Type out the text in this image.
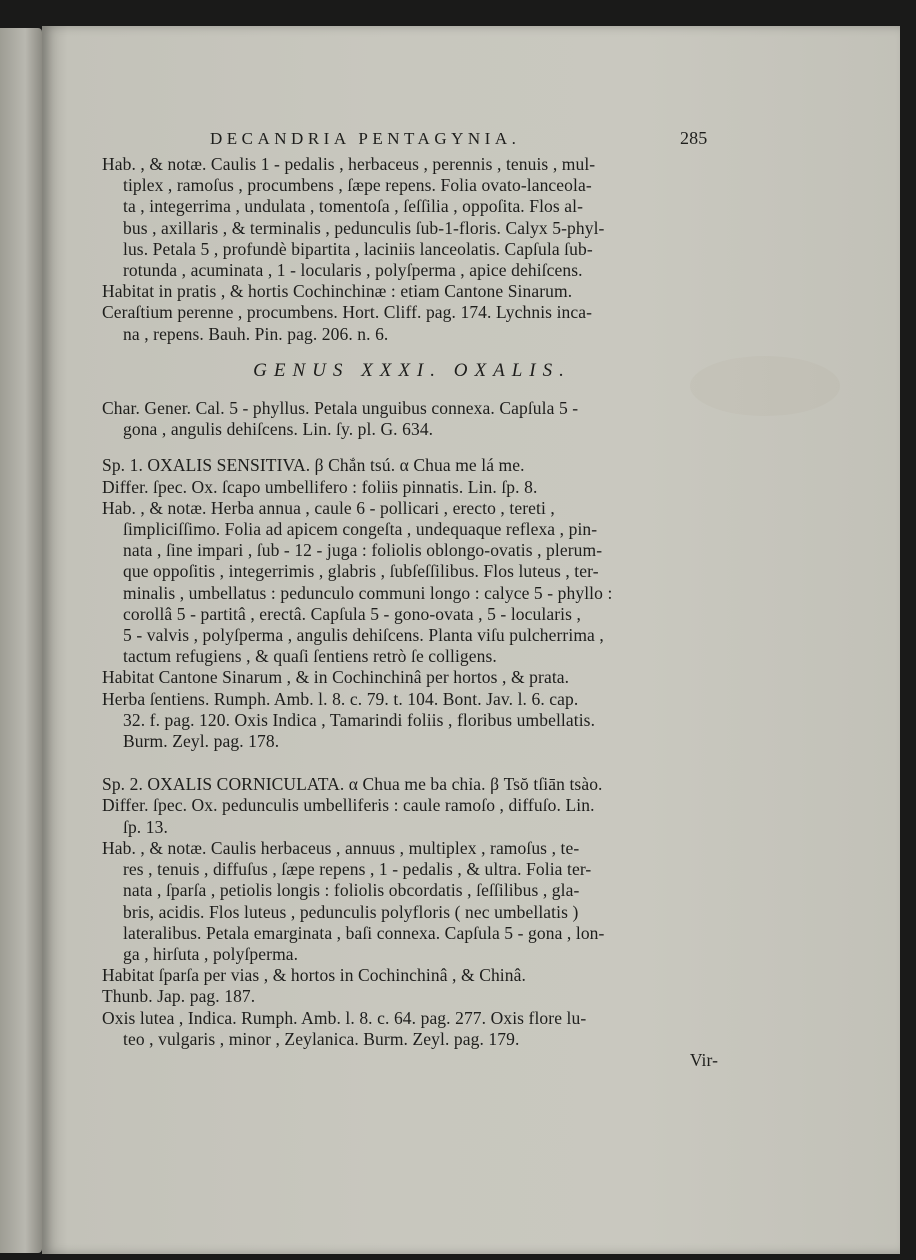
DECANDRIA PENTAGYNIA.	285
Hab. , & notæ. Caulis 1 - pedalis , herbaceus , perennis , tenuis , mul-
tiplex , ramoſus , procumbens , ſæpe repens. Folia ovato-lanceola-
ta , integerrima , undulata , tomentoſa , ſeſſilia , oppoſita. Flos al-
bus , axillaris , & terminalis , pedunculis ſub-1-floris. Calyx 5-phyl-
lus. Petala 5 , profundè bipartita , laciniis lanceolatis. Capſula ſub-
rotunda , acuminata , 1 - locularis , polyſperma , apice dehiſcens.
Habitat in pratis , & hortis Cochinchinæ : etiam Cantone Sinarum.
Ceraſtium perenne , procumbens. Hort. Cliff. pag. 174. Lychnis inca-
na , repens. Bauh. Pin. pag. 206. n. 6.
GENUS XXXI. OXALIS.
Char. Gener. Cal. 5 - phyllus. Petala unguibus connexa. Capſula 5 -
gona , angulis dehiſcens. Lin. ſy. pl. G. 634.
Sp. 1. OXALIS SENSITIVA. β Chắn tsú. α Chua me lá me.
Differ. ſpec. Ox. ſcapo umbellifero : foliis pinnatis. Lin. ſp. 8.
Hab. , & notæ. Herba annua , caule 6 - pollicari , erecto , tereti ,
ſimpliciſſimo. Folia ad apicem congeſta , undequaque reflexa , pin-
nata , ſine impari , ſub - 12 - juga : foliolis oblongo-ovatis , plerum-
que oppoſitis , integerrimis , glabris , ſubſeſſilibus. Flos luteus , ter-
minalis , umbellatus : pedunculo communi longo : calyce 5 - phyllo :
corollâ 5 - partitâ , erectâ. Capſula 5 - gono-ovata , 5 - locularis ,
5 - valvis , polyſperma , angulis dehiſcens. Planta viſu pulcherrima ,
tactum refugiens , & quaſi ſentiens retrò ſe colligens.
Habitat Cantone Sinarum , & in Cochinchinâ per hortos , & prata.
Herba ſentiens. Rumph. Amb. l. 8. c. 79. t. 104. Bont. Jav. l. 6. cap.
32. f. pag. 120. Oxis Indica , Tamarindi foliis , floribus umbellatis.
Burm. Zeyl. pag. 178.
Sp. 2. OXALIS CORNICULATA. α Chua me ba chỉa. β Tsŏ tſiān tsào.
Differ. ſpec. Ox. pedunculis umbelliferis : caule ramoſo , diffuſo. Lin.
ſp. 13.
Hab. , & notæ. Caulis herbaceus , annuus , multiplex , ramoſus , te-
res , tenuis , diffuſus , ſæpe repens , 1 - pedalis , & ultra. Folia ter-
nata , ſparſa , petiolis longis : foliolis obcordatis , ſeſſilibus , gla-
bris, acidis. Flos luteus , pedunculis polyfloris ( nec umbellatis )
lateralibus. Petala emarginata , baſi connexa. Capſula 5 - gona , lon-
ga , hirſuta , polyſperma.
Habitat ſparſa per vias , & hortos in Cochinchinâ , & Chinâ.
Thunb. Jap. pag. 187.
Oxis lutea , Indica. Rumph. Amb. l. 8. c. 64. pag. 277. Oxis flore lu-
teo , vulgaris , minor , Zeylanica. Burm. Zeyl. pag. 179.
Vir-
